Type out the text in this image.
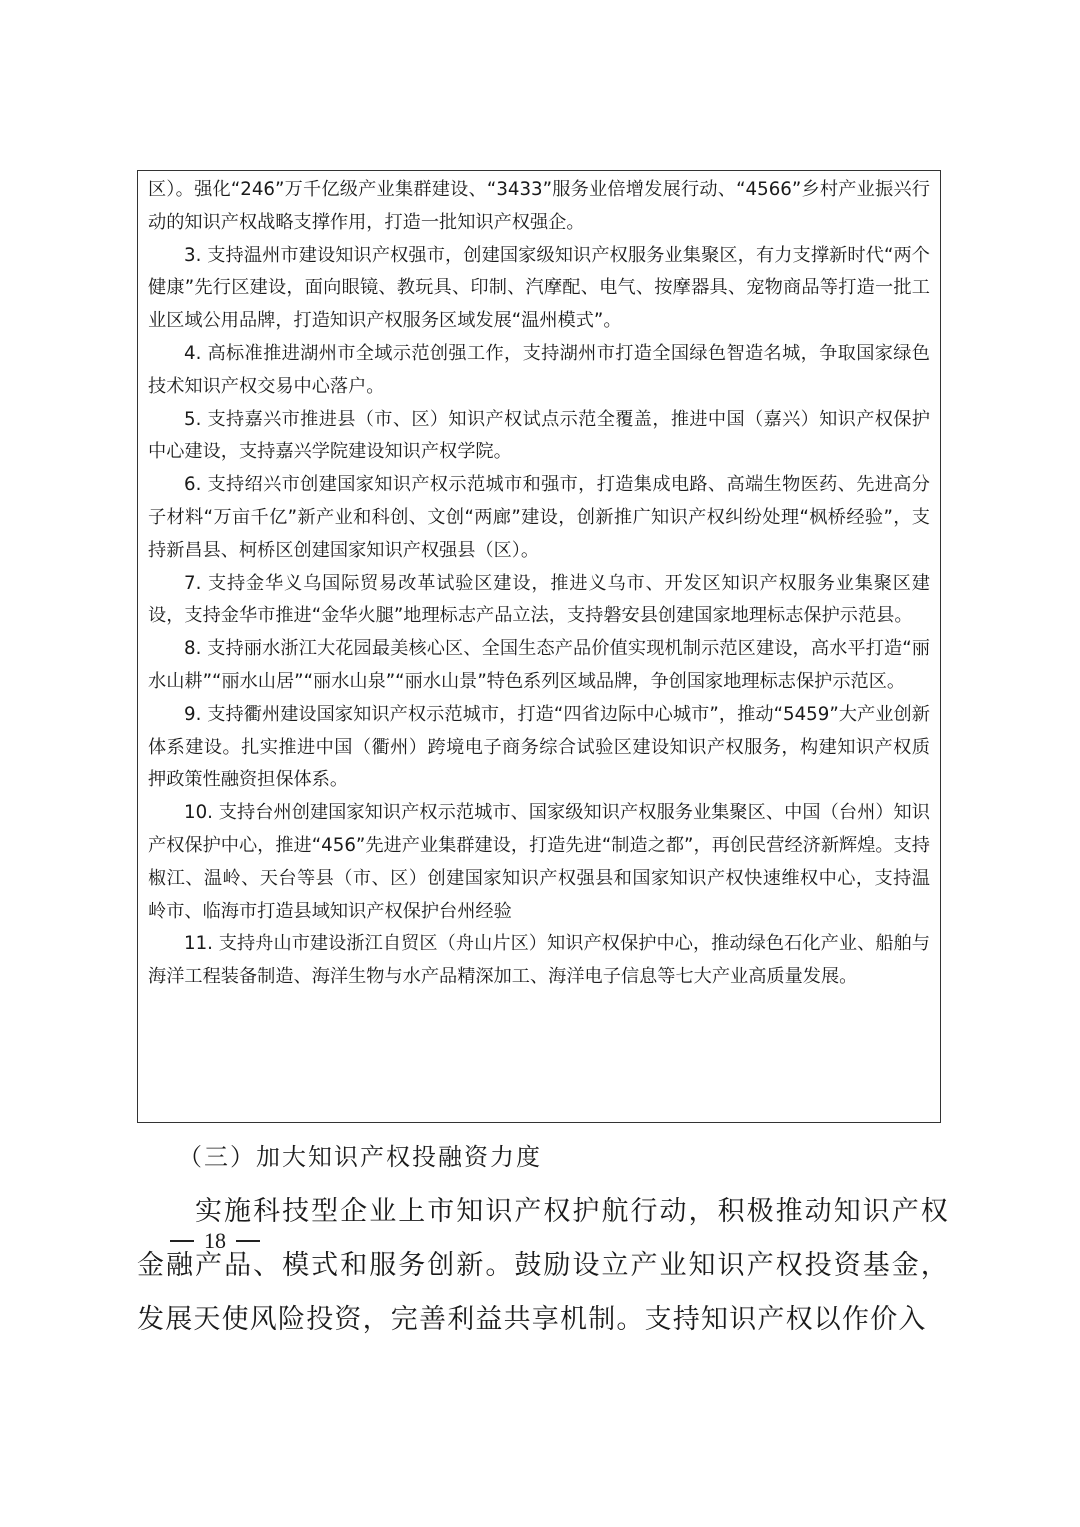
区）。强化“246”万千亿级产业集群建设、“3433”服务业倍增发展行动、“4566”乡村产业振兴行动的知识产权战略支撑作用，打造一批知识产权强企。

3. 支持温州市建设知识产权强市，创建国家级知识产权服务业集聚区，有力支撑新时代“两个健康”先行区建设，面向眼镜、教玩具、印制、汽摩配、电气、按摩器具、宠物商品等打造一批工业区域公用品牌，打造知识产权服务区域发展“温州模式”。

4. 高标准推进湖州市全域示范创强工作，支持湖州市打造全国绿色智造名城，争取国家绿色技术知识产权交易中心落户。

5. 支持嘉兴市推进县（市、区）知识产权试点示范全覆盖，推进中国（嘉兴）知识产权保护中心建设，支持嘉兴学院建设知识产权学院。

6. 支持绍兴市创建国家知识产权示范城市和强市，打造集成电路、高端生物医药、先进高分子材料“万亩千亿”新产业和科创、文创“两廊”建设，创新推广知识产权纠纷处理“枫桥经验”，支持新昌县、柯桥区创建国家知识产权强县（区）。

7. 支持金华义乌国际贸易改革试验区建设，推进义乌市、开发区知识产权服务业集聚区建设，支持金华市推进“金华火腿”地理标志产品立法，支持磐安县创建国家地理标志保护示范县。

8. 支持丽水浙江大花园最美核心区、全国生态产品价值实现机制示范区建设，高水平打造“丽水山耕”“丽水山居”“丽水山泉”“丽水山景”特色系列区域品牌，争创国家地理标志保护示范区。

9. 支持衢州建设国家知识产权示范城市，打造“四省边际中心城市”，推动“5459”大产业创新体系建设。扎实推进中国（衢州）跨境电子商务综合试验区建设知识产权服务，构建知识产权质押政策性融资担保体系。

10. 支持台州创建国家知识产权示范城市、国家级知识产权服务业集聚区、中国（台州）知识产权保护中心，推进“456”先进产业集群建设，打造先进“制造之都”，再创民营经济新辉煌。支持椒江、温岭、天台等县（市、区）创建国家知识产权强县和国家知识产权快速维权中心，支持温岭市、临海市打造县域知识产权保护台州经验

11. 支持舟山市建设浙江自贸区（舟山片区）知识产权保护中心，推动绿色石化产业、船舶与海洋工程装备制造、海洋生物与水产品精深加工、海洋电子信息等七大产业高质量发展。

（三）加大知识产权投融资力度

实施科技型企业上市知识产权护航行动，积极推动知识产权金融产品、模式和服务创新。鼓励设立产业知识产权投资基金，发展天使风险投资，完善利益共享机制。支持知识产权以作价入

18
